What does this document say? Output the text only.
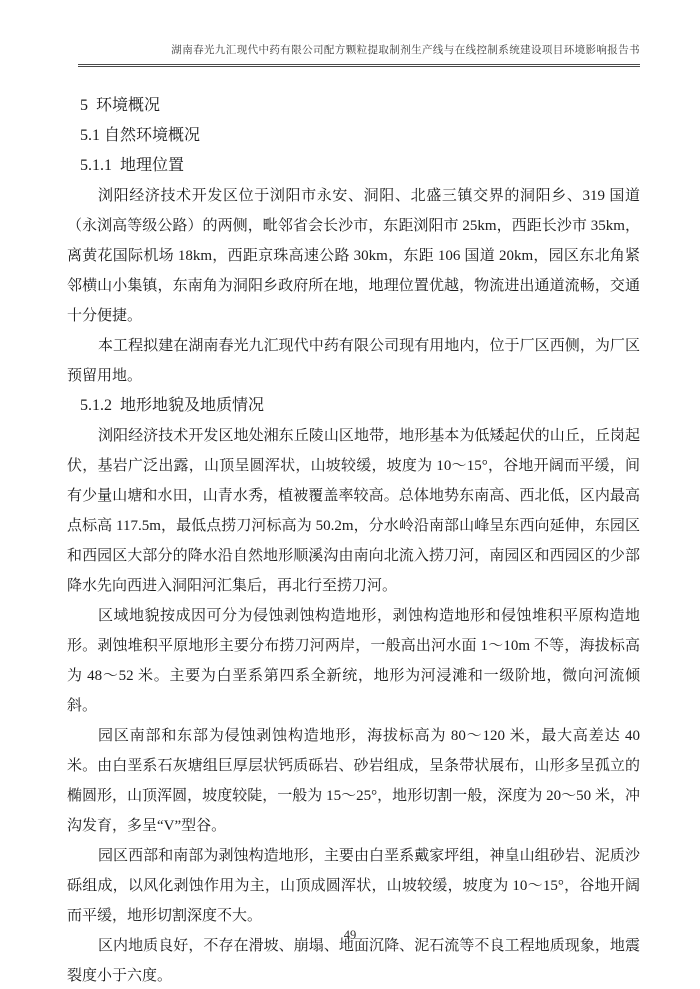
湖南春光九汇现代中药有限公司配方颗粒提取制剂生产线与在线控制系统建设项目环境影响报告书
5  环境概况
5.1 自然环境概况
5.1.1  地理位置

浏阳经济技术开发区位于浏阳市永安、洞阳、北盛三镇交界的洞阳乡、319 国道（永浏高等级公路）的两侧，毗邻省会长沙市，东距浏阳市 25km，西距长沙市 35km，离黄花国际机场 18km，西距京珠高速公路 30km，东距 106 国道 20km，园区东北角紧邻横山小集镇，东南角为洞阳乡政府所在地，地理位置优越，物流进出通道流畅，交通十分便捷。

本工程拟建在湖南春光九汇现代中药有限公司现有用地内，位于厂区西侧，为厂区预留用地。

5.1.2  地形地貌及地质情况

浏阳经济技术开发区地处湘东丘陵山区地带，地形基本为低矮起伏的山丘，丘岗起伏，基岩广泛出露，山顶呈圆浑状，山坡较缓，坡度为 10～15°，谷地开阔而平缓，间有少量山塘和水田，山青水秀，植被覆盖率较高。总体地势东南高、西北低，区内最高点标高 117.5m，最低点捞刀河标高为 50.2m，分水岭沿南部山峰呈东西向延伸，东园区和西园区大部分的降水沿自然地形顺溪沟由南向北流入捞刀河，南园区和西园区的少部降水先向西进入洞阳河汇集后，再北行至捞刀河。

区域地貌按成因可分为侵蚀剥蚀构造地形，剥蚀构造地形和侵蚀堆积平原构造地形。剥蚀堆积平原地形主要分布捞刀河两岸，一般高出河水面 1～10m 不等，海拔标高为 48～52 米。主要为白垩系第四系全新统，地形为河浸滩和一级阶地，微向河流倾斜。

园区南部和东部为侵蚀剥蚀构造地形，海拔标高为 80～120 米，最大高差达 40 米。由白垩系石灰塘组巨厚层状钙质砾岩、砂岩组成，呈条带状展布，山形多呈孤立的椭圆形，山顶浑圆，坡度较陡，一般为 15～25°，地形切割一般，深度为 20～50 米，冲沟发育，多呈“V”型谷。

园区西部和南部为剥蚀构造地形，主要由白垩系戴家坪组，神皇山组砂岩、泥质沙砾组成，以风化剥蚀作用为主，山顶成圆浑状，山坡较缓，坡度为 10～15°，谷地开阔而平缓，地形切割深度不大。

区内地质良好，不存在滑坡、崩塌、地面沉降、泥石流等不良工程地质现象，地震裂度小于六度。

49
